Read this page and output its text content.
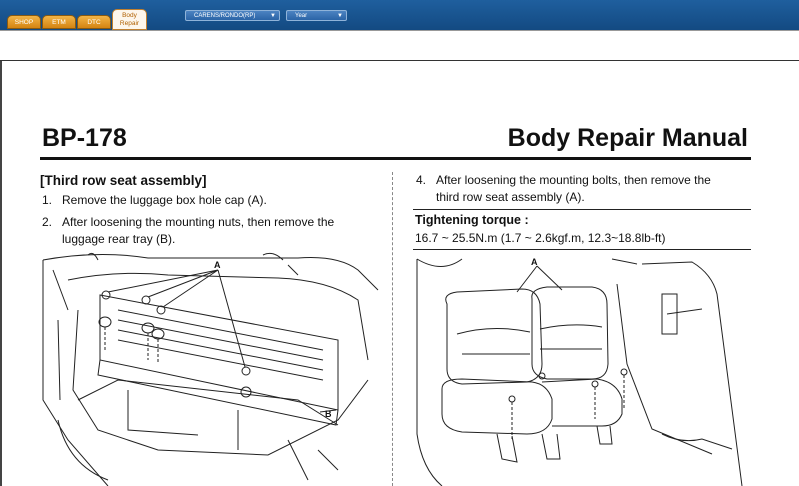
SHOP	ETM	DTC
Body
Repair
CARENS/RONDO(RP) ▼	Year	▼
BP-178	Body Repair Manual
[Third row seat assembly]
1. Remove the luggage box hole cap (A).
2. After loosening the mounting nuts, then remove the
luggage rear tray (B).
A
B
4. After loosening the mounting bolts, then remove the
third row seat assembly (A).
Tightening torque :
16.7 ~ 25.5N.m (1.7 ~ 2.6kgf.m, 12.3~18.8lb-ft)
A
